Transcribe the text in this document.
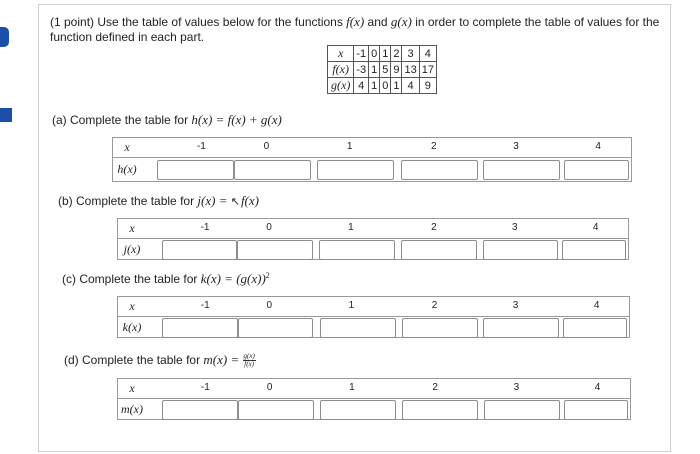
(1 point) Use the table of values below for the functions f(x) and g(x) in order to complete the table of values for the function defined in each part.
x	-1	0	1	2	3	4
f(x)	-3	1	5	9	13	17
g(x)	4	1	0	1	4	9
(a) Complete the table for h(x) = f(x) + g(x)
(b) Complete the table for j(x) = ↖f(x)
(c) Complete the table for $k(x) = (g(x))^2$
(d) Complete the table for $m(x) = \frac{g(x)}{f(x)}$
x	-1	0	1	2	3	4
h(x)
x	-1	0	1	2	3	4
j(x)
x	-1	0	1	2	3	4
k(x)
x	-1	0	1	2	3	4
m(x)
